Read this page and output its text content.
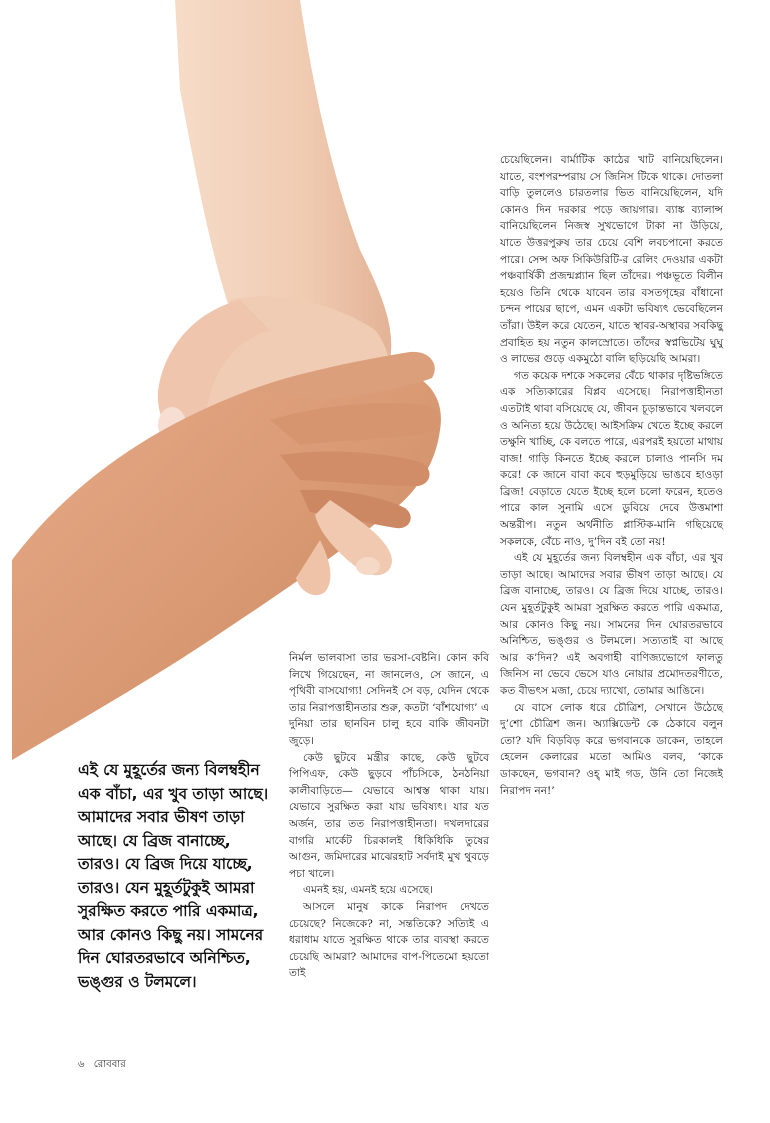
এই যে মুহূর্তের জন্য বিলম্বহীন এক বাঁচা, এর খুব তাড়া আছে। আমাদের সবার ভীষণ তাড়া আছে। যে ব্রিজ বানাচ্ছে, তারও। যে ব্রিজ দিয়ে যাচ্ছে, তারও। যেন মুহূর্তটুকুই আমরা সুরক্ষিত করতে পারি একমাত্র, আর কোনও কিছু নয়। সামনের দিন ঘোরতরভাবে অনিশ্চিত, ভঙ্গুর ও টলমলে।

নির্মল ভালবাসা তার ভরসা-বেষ্টনি। কোন কবি লিখে গিয়েছেন, না জানলেও, সে জানে, এ পৃথিবী বাসযোগ্য! সেদিনই সে বড়, যেদিন থেকে তার নিরাপত্তাহীনতার শুরু, কতটা ‘বাঁশযোগ্য’ এ দুনিয়া তার ছানবিন চালু হবে বাকি জীবনটা জুড়ে।

কেউ ছুটবে মন্ত্রীর কাছে, কেউ ছুটবে পিপিএফ, কেউ ছুড়বে পাঁচসিকে, ঠনঠনিয়া কালীবাড়িতে— যেভাবে আশ্বস্ত থাকা যায়। যেভাবে সুরক্ষিত করা যায় ভবিষ্যৎ। যার যত অর্জন, তার তত নিরাপত্তাহীনতা। দখলদারের বাগরি মার্কেট চিরকালই ধিকিধিকি তুষের আগুন, জমিদারের মাঝেরহাট সর্বদাই মুখ থুবড়ে পচা খালে।

এমনই হয়, এমনই হয়ে এসেছে।

আসলে মানুষ কাকে নিরাপদ দেখতে চেয়েছে? নিজেকে? না, সন্ততিকে? সত্যিই এ ধরাধাম যাতে সুরক্ষিত থাকে তার ব্যবস্থা করতে চেয়েছি আমরা? আমাদের বাপ-পিতেমো হয়তো তাই

চেয়েছিলেন। বার্মাটিক কাঠের খাট বানিয়েছিলেন। যাতে, বংশপরম্পরায় সে জিনিস টিকে থাকে। দোতলা বাড়ি তুললেও চারতলার ভিত বানিয়েছিলেন, যদি কোনও দিন দরকার পড়ে জায়গার। ব্যাঙ্ক ব্যালান্স বানিয়েছিলেন নিজস্ব সুখভোগে টাকা না উড়িয়ে, যাতে উত্তরপুরুষ তার চেয়ে বেশি লবচপানো করতে পারে। সেন্স অফ সিকিউরিটি-র রেলিং দেওয়ার একটা পঞ্চবার্ষিকী প্রজন্মপ্ল্যান ছিল তাঁদের। পঞ্চভূতে বিলীন হয়েও তিনি থেকে যাবেন তার বসতগৃহের বাঁধানো চন্দন পায়ের ছাপে, এমন একটা ভবিষ্যৎ ভেবেছিলেন তাঁরা। উইল করে যেতেন, যাতে স্থাবর-অস্থাবর সবকিছু প্রবাহিত হয় নতুন কালস্রোতে। তাঁদের স্বপ্নভিটেয় ঘুঘু ও লাভের গুড়ে একমুঠো বালি ছড়িয়েছি আমরা।

গত কয়েক দশকে সকলের বেঁচে থাকার দৃষ্টিভঙ্গিতে এক সত্যিকারের বিপ্লব এসেছে। নিরাপত্তাহীনতা এতটাই থাবা বসিয়েছে যে, জীবন চূড়ান্তভাবে খলবলে ও অনিত্য হয়ে উঠেছে। আইসক্রিম খেতে ইচ্ছে করলে তক্ষুনি খাচ্ছি, কে বলতে পারে, এরপরই হয়তো মাথায় বাজ! গাড়ি কিনতে ইচ্ছে করলে চালাও পানসি দম করে! কে জানে বাবা কবে হুড়মুড়িয়ে ভাঙবে হাওড়া ব্রিজ! বেড়াতে যেতে ইচ্ছে হলে চলো ফরেন, হতেও পারে কাল সুনামি এসে ডুবিয়ে দেবে উত্তমাশা অন্তরীপ। নতুন অর্থনীতি প্লাস্টিক-মানি গছিয়েছে সকলকে, বেঁচে নাও, দু’দিন বই তো নয়!

এই যে মুহূর্তের জন্য বিলম্বহীন এক বাঁচা, এর খুব তাড়া আছে। আমাদের সবার ভীষণ তাড়া আছে। যে ব্রিজ বানাচ্ছে, তারও। যে ব্রিজ দিয়ে যাচ্ছে, তারও। যেন মুহূর্তটুকুই আমরা সুরক্ষিত করতে পারি একমাত্র, আর কোনও কিছু নয়। সামনের দিন ঘোরতরভাবে অনিশ্চিত, ভঙ্গুর ও টলমলে। সত্যতাই বা আছে আর ক’দিন? এই অবগাহী বাণিজ্যভোগে ফালতু জিনিস না ভেবে ভেসে যাও নোয়ার প্রমোদতরণীতে, কত বীভৎস মজা, চেয়ে দ্যাখো, তোমার আঙিনে।

যে বাসে লোক ধরে চৌত্রিশ, সেখানে উঠেছে দু’শো চৌত্রিশ জন। অ্যাক্সিডেন্ট কে ঠেকাবে বলুন তো? যদি বিড়বিড় করে ভগবানকে ডাকেন, তাহলে হেলেন কেলারের মতো আমিও বলব, ‘কাকে ডাকছেন, ভগবান? ওহ্‌ মাই গড, উনি তো নিজেই নিরাপদ নন!’

৬ রোববার
